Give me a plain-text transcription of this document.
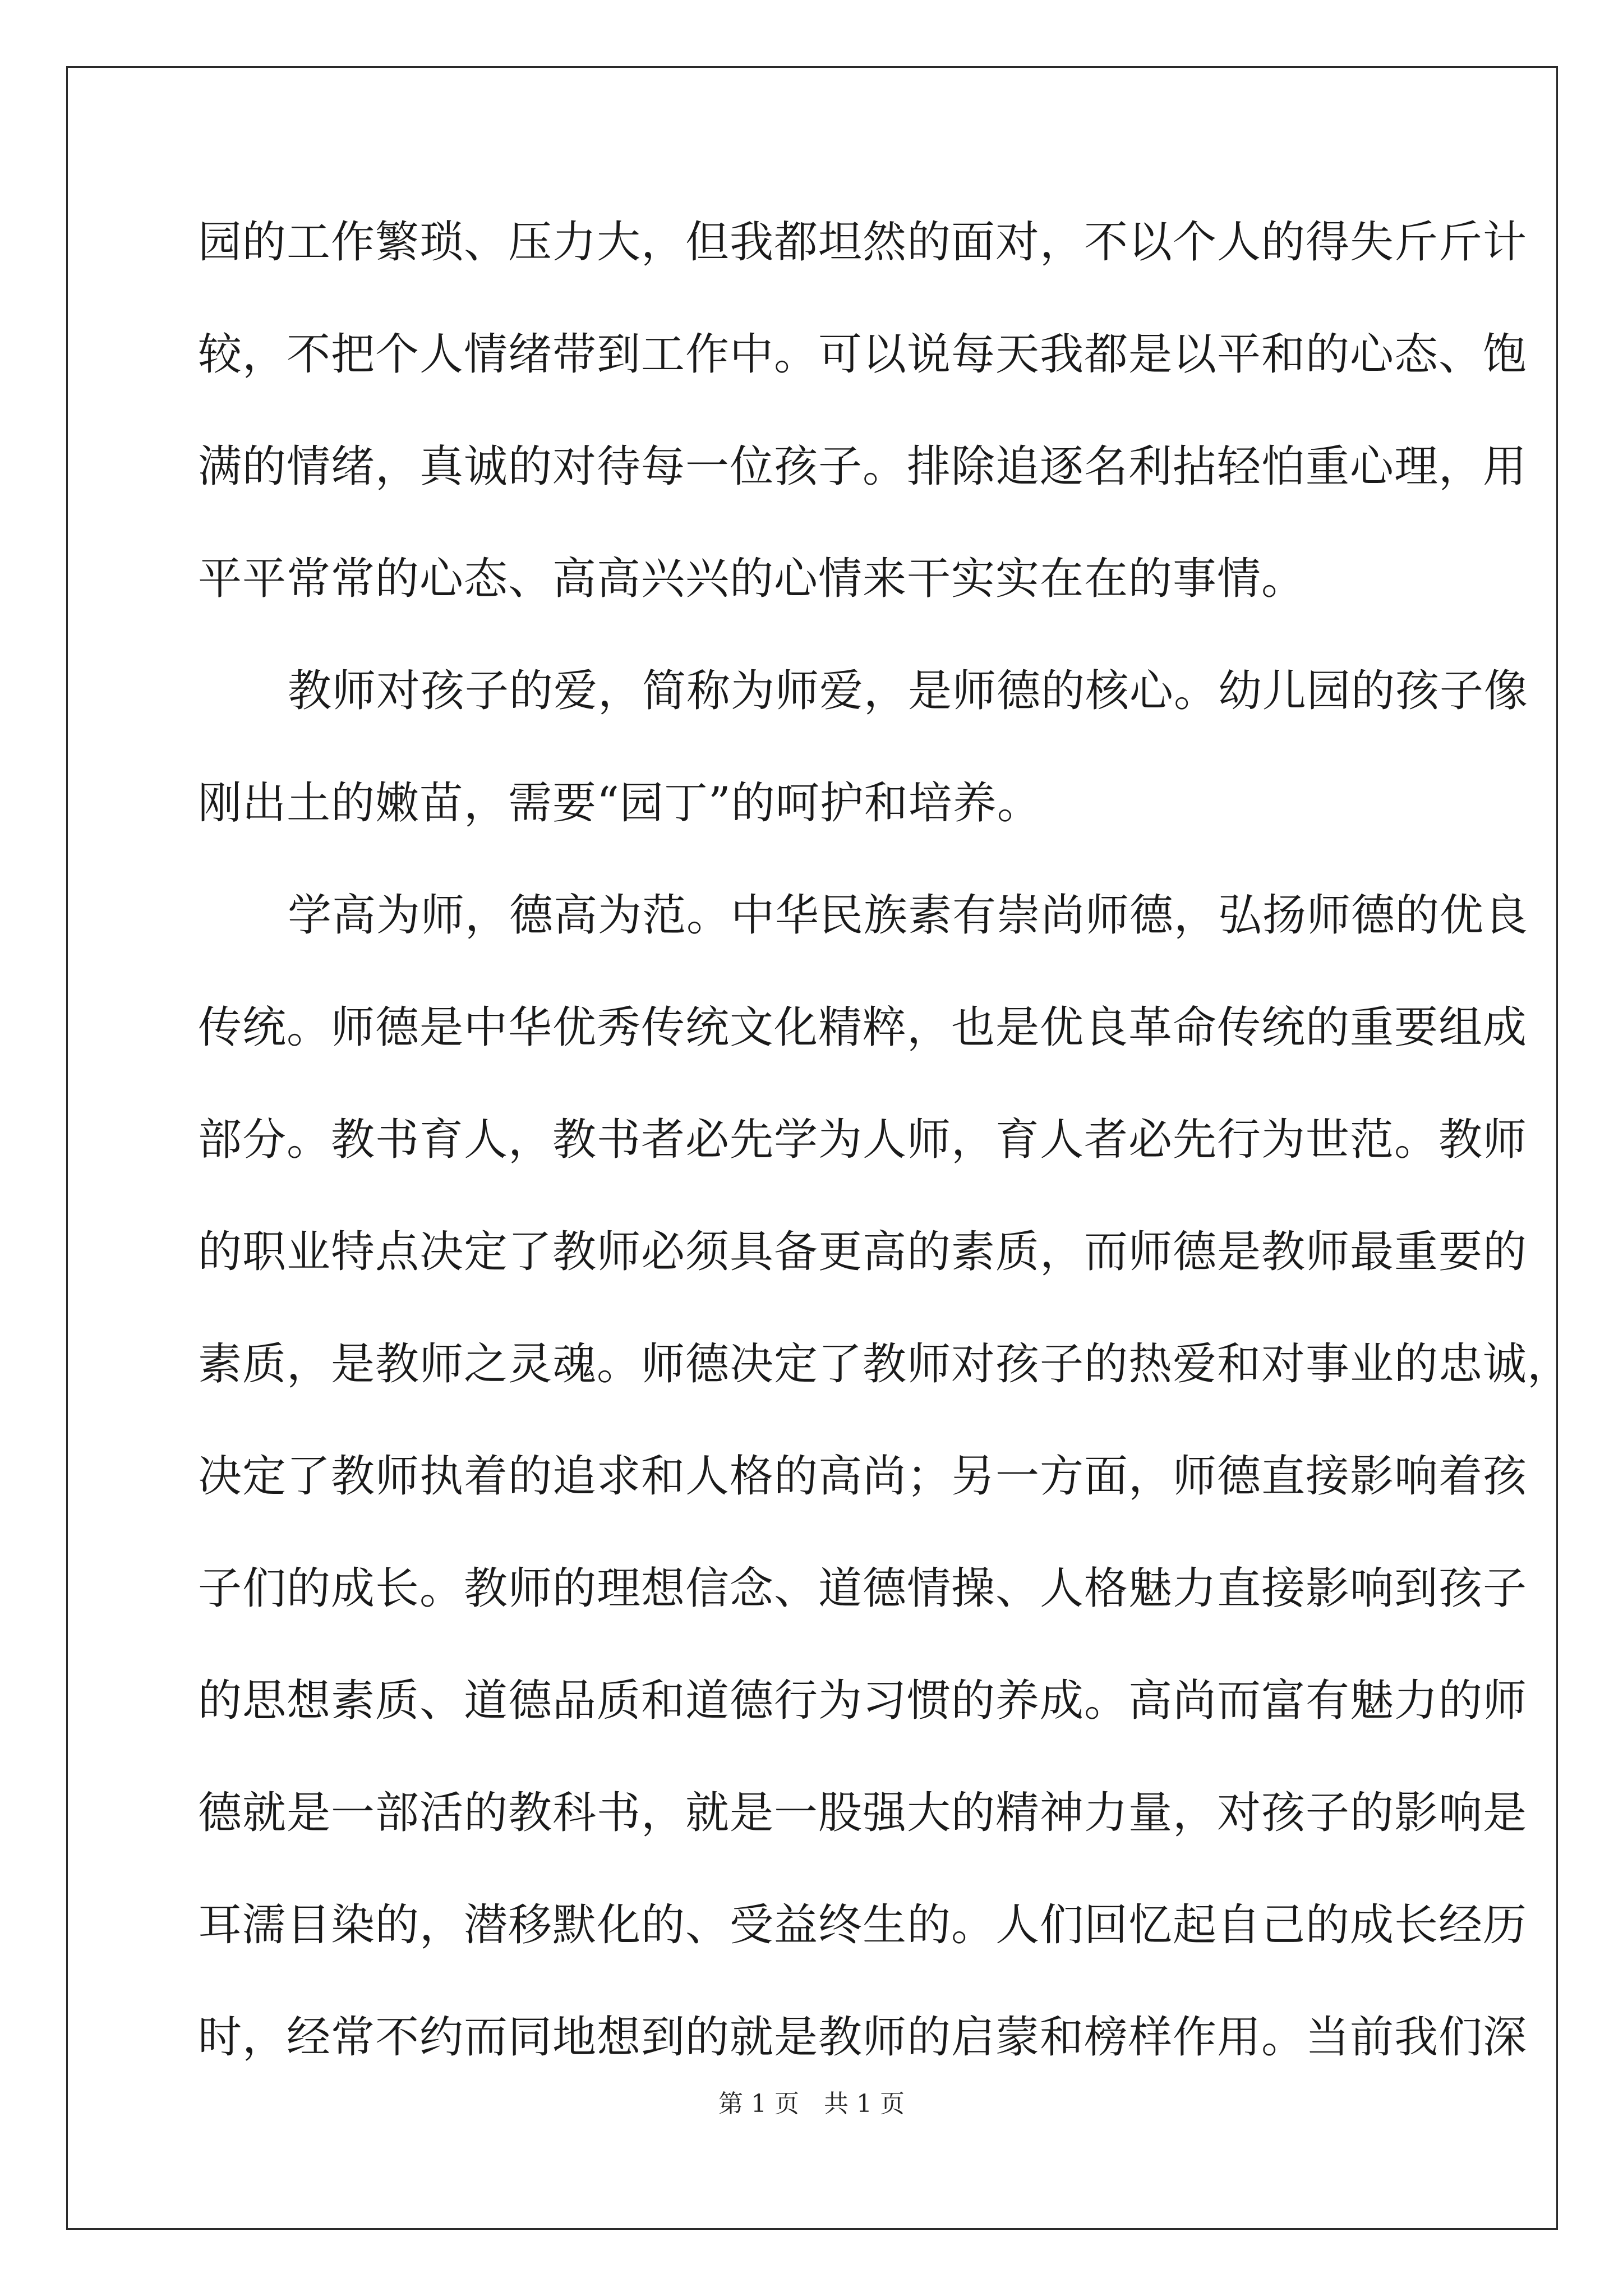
园的工作繁琐、压力大，但我都坦然的面对，不以个人的得失斤斤计
较，不把个人情绪带到工作中。可以说每天我都是以平和的心态、饱
满的情绪，真诚的对待每一位孩子。排除追逐名利拈轻怕重心理，用
平平常常的心态、高高兴兴的心情来干实实在在的事情。
教师对孩子的爱，简称为师爱，是师德的核心。幼儿园的孩子像
刚出土的嫩苗，需要“园丁”的呵护和培养。
学高为师，德高为范。中华民族素有崇尚师德，弘扬师德的优良
传统。师德是中华优秀传统文化精粹，也是优良革命传统的重要组成
部分。教书育人，教书者必先学为人师，育人者必先行为世范。教师
的职业特点决定了教师必须具备更高的素质，而师德是教师最重要的
素质，是教师之灵魂。师德决定了教师对孩子的热爱和对事业的忠诚，
决定了教师执着的追求和人格的高尚；另一方面，师德直接影响着孩
子们的成长。教师的理想信念、道德情操、人格魅力直接影响到孩子
的思想素质、道德品质和道德行为习惯的养成。高尚而富有魅力的师
德就是一部活的教科书，就是一股强大的精神力量，对孩子的影响是
耳濡目染的，潜移默化的、受益终生的。人们回忆起自己的成长经历
时，经常不约而同地想到的就是教师的启蒙和榜样作用。当前我们深
第 1 页 共 1 页
